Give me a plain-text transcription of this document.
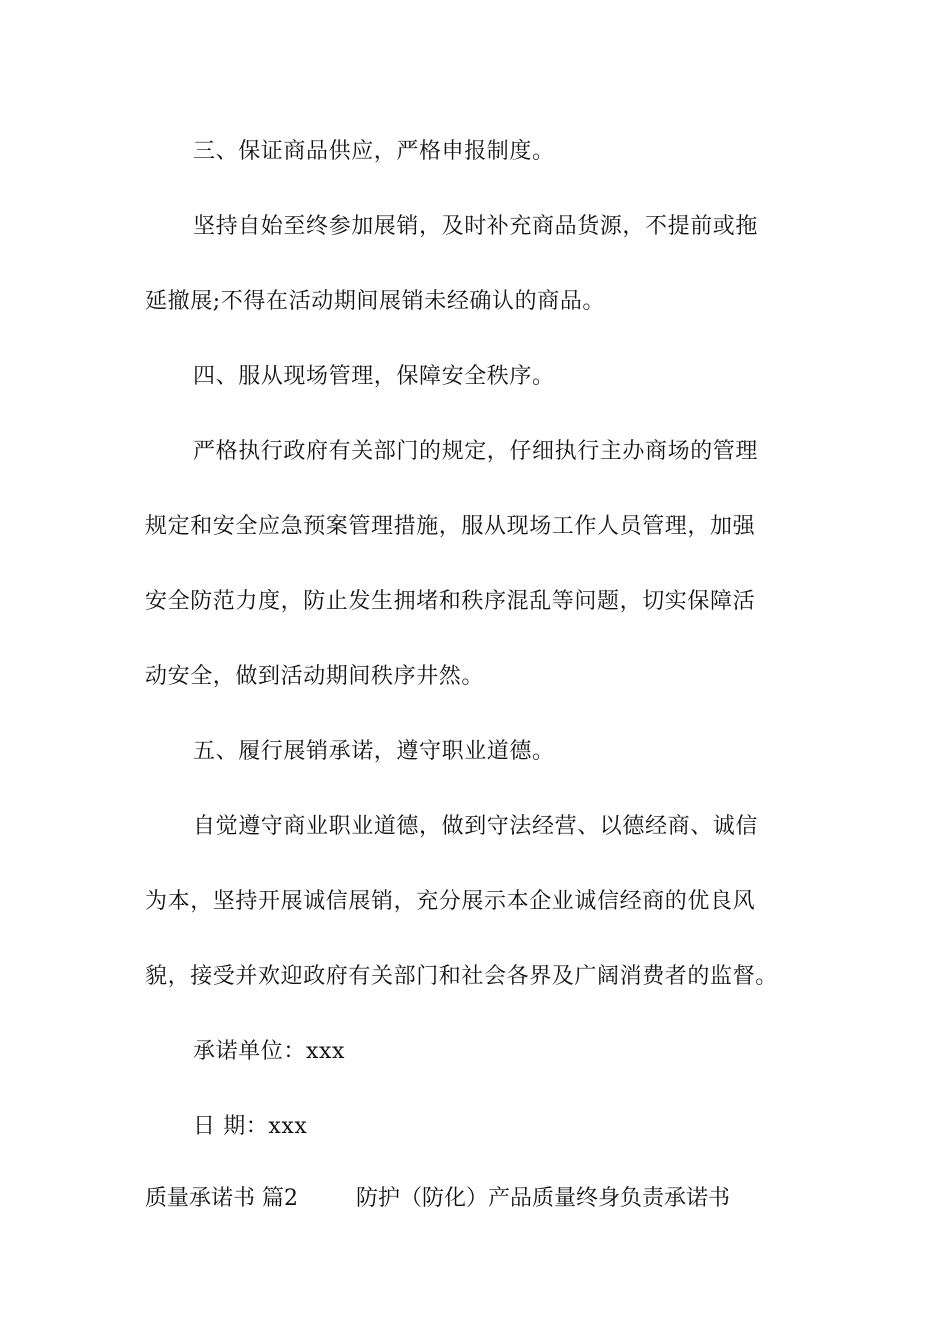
三、保证商品供应，严格申报制度。
坚持自始至终参加展销，及时补充商品货源，不提前或拖
延撤展;不得在活动期间展销未经确认的商品。
四、服从现场管理，保障安全秩序。
严格执行政府有关部门的规定，仔细执行主办商场的管理
规定和安全应急预案管理措施，服从现场工作人员管理，加强
安全防范力度，防止发生拥堵和秩序混乱等问题，切实保障活
动安全，做到活动期间秩序井然。
五、履行展销承诺，遵守职业道德。
自觉遵守商业职业道德，做到守法经营、以德经商、诚信
为本，坚持开展诚信展销，充分展示本企业诚信经商的优良风
貌，接受并欢迎政府有关部门和社会各界及广阔消费者的监督。
承诺单位：xxx
日 期：xxx
质量承诺书 篇2	防护（防化）产品质量终身负责承诺书
